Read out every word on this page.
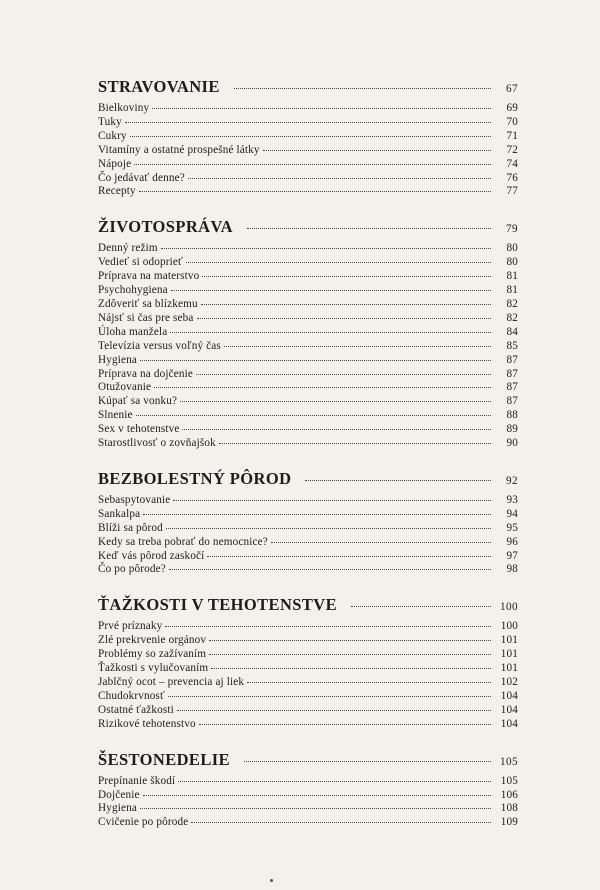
STRAVOVANIE	67
Bielkoviny	69
Tuky	70
Cukry	71
Vitamíny a ostatné prospešné látky	72
Nápoje	74
Čo jedávať denne?	76
Recepty	77
ŽIVOTOSPRÁVA	79
Denný režim	80
Vedieť si odoprieť	80
Príprava na materstvo	81
Psychohygiena	81
Zdôveriť sa blízkemu	82
Nájsť si čas pre seba	82
Úloha manžela	84
Televízia versus voľný čas	85
Hygiena	87
Príprava na dojčenie	87
Otužovanie	87
Kúpať sa vonku?	87
Slnenie	88
Sex v tehotenstve	89
Starostlivosť o zovňajšok	90
BEZBOLESTNÝ PÔROD	92
Sebaspytovanie	93
Sankalpa	94
Blíži sa pôrod	95
Kedy sa treba pobrať do nemocnice?	96
Keď vás pôrod zaskočí	97
Čo po pôrode?	98
ŤAŽKOSTI V TEHOTENSTVE	100
Prvé príznaky	100
Zlé prekrvenie orgánov	101
Problémy so zažívaním	101
Ťažkosti s vylučovaním	101
Jablčný ocot – prevencia aj liek	102
Chudokrvnosť	104
Ostatné ťažkosti	104
Rizikové tehotenstvo	104
ŠESTONEDELIE	105
Prepínanie škodí	105
Dojčenie	106
Hygiena	108
Cvičenie po pôrode	109
